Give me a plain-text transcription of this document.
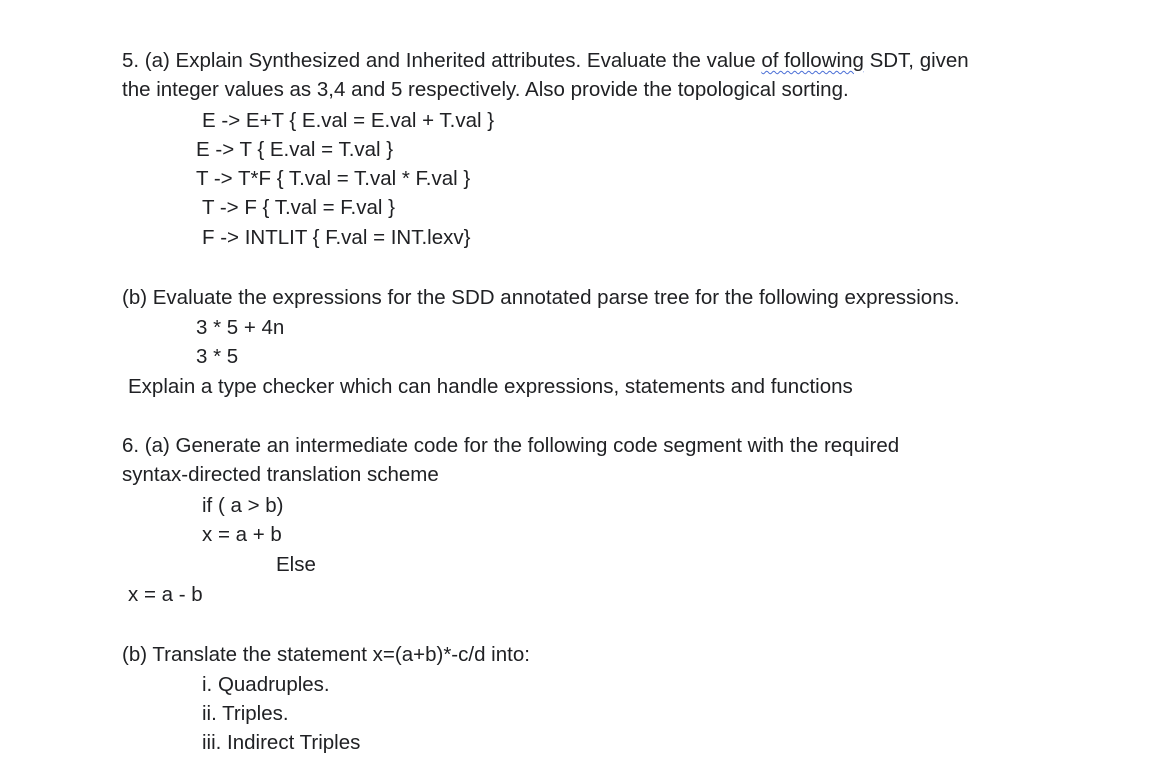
5. (a) Explain Synthesized and Inherited attributes. Evaluate the value of following SDT, given

the integer values as 3,4 and 5 respectively. Also provide the topological sorting.

E -> E+T { E.val = E.val + T.val }

E -> T { E.val = T.val }

T -> T*F { T.val = T.val * F.val }

T -> F { T.val = F.val }

F -> INTLIT { F.val = INT.lexv}

(b) Evaluate the expressions for the SDD annotated parse tree for the following expressions.

3 * 5 + 4n

3 * 5

Explain a type checker which can handle expressions, statements and functions

6. (a) Generate an intermediate code for the following code segment with the required

syntax-directed translation scheme

if ( a > b)

x = a + b

Else

x = a - b

(b) Translate the statement x=(a+b)*-c/d into:

i. Quadruples.

ii. Triples.

iii. Indirect Triples
